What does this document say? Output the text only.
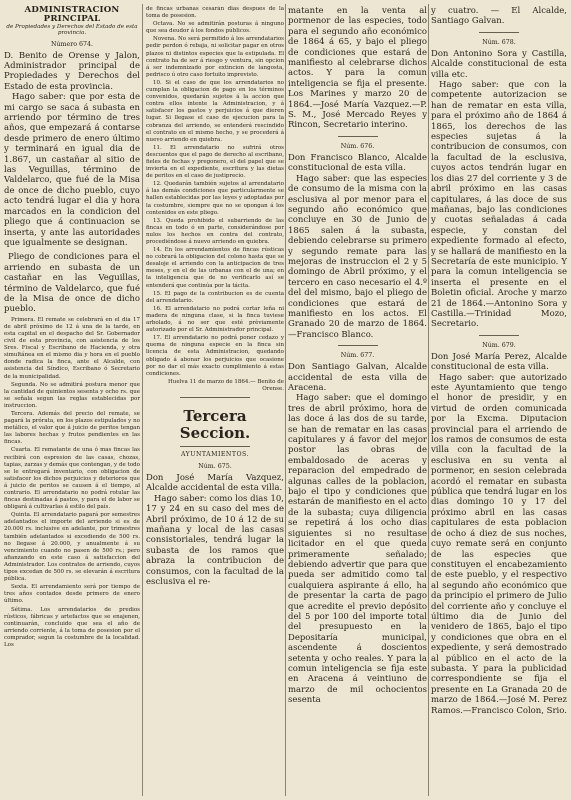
ADMINISTRACION PRINCIPAL
de Propiedades y Derechos del Estado de esta provincia.
Número 674.

D. Benito de Orense y Jalon, Administrador principal de Propiedades y Derechos del Estado de esta provincia.

Hago saber: que por esta de mi cargo se saca á subasta en arriendo por término de tres años, que empezará á contarse desde primero de enero último y terminará en igual dia de 1.867, un castañar al sitio de las Veguillas, término de Valdelarco, que fué de la Misa de once de dicho pueblo, cuyo acto tendrá lugar el dia y hora marcados en la condicion del pliego que á continuacion se inserta, y ante las autoridades que igualmente se designan.

Pliego de condiciones para el arriendo en subasta de un castañar en las Veguillas, término de Valdelarco, que fué de la Misa de once de dicho pueblo.

Primera. El remate se celebrará en el dia 17 de abril próximo de 12 á una de la tarde, en esta capital en el despacho del Sr. Gobernador civil de esta provincia, con asistencia de los Sres. Fiscal y Escribano de Hacienda, y otra simultánea en el mismo dia y hora en el pueblo donde radica la finca, ante el Alcalde, con asistencia del Síndico, Escribano ó Secretario de la municipalidad.

Segunda. No se admitirá postura menor que la cantidad de quinientos sesenta y ocho rs. que se señala segun las reglas establecidas por instruccion.

Tercera. Además del precio del remate, se pagará la prórata, en los plazos estipulados y no metálico, el valor que á juicio de peritos tengan las labores hechas y frutos pendientes en las fincas.

Cuarta. El rematante de una ó mas fincas las recibirá con espresion de las casas, chozas, tapias, zarzas y demás que contengan, y de todo se le entregará inventario, con obligacion de satisfacer los dichos perjuicios y deterioros que á juicio de peritos se causen á el tiempo, al contrario. El arrendatario no podrá rotular las fincas destinadas á pastos, y para el de labor se obligará á cultivarlas á estilo del país.

Quinta. El arrendatario pagará por semestres adelantados el importe del arriendo si es de 20.000 rs. inclusive en adelante, por trimestres también adelantados si excediendo de 500 rs. no llegase á 20.000, y anualmente á su vencimiento cuando no pasen de 500 rs.; pero afianzando en este caso á satisfaccion del Administrador. Los contratos de arriendo, cuyos tipos excedan de 500 rs. se elevarán á escritura pública.

Sexta. El arrendamiento será por tiempo de tres años contados desde primero de enero último.

Sétima. Los arrendatarios de predios rústicos, fábricas y artefactos que se enajenen, continuarán, concluido que sea el año de arriendo corriente, á la toma de posesion por el comprador, segun la costumbre de la localidad. Los

de fincas urbanas cesarán dias despues de la toma de posesion.

Octava. No se admitirán posturas á ninguno que sea deudor á los fondos públicos.

Novena. No será permitido á los arrendatarios pedir perdon ó rebaja, ni solicitar pagar en otros plazos ni distintos especies que la estipulada. El contrato ha de ser á riesgo y ventura, sin opcion á ser indemnizado por extincion de langosta, pedrisco ú otro caso fortuito imprevisto.

10. Si el caso de que los arrendatarios no cumplan la obligacion de pago en los términos convenidos, quedarán sujetos á la accion que contra ellos intente la Administracion, y á satisfacer los gastos y perjuicios á que dieren lugar. Si llegase el caso de ejecucion para la cobranza del arriendo, se entenderá rescindido el contrato en el mismo hecho, y se procederá á nuevo arriendo en quiebra.

11. El arrendatario no sufrirá otros descuentos que el pago de derecho al escribano, fieles de fechas y pregonero, el del papel que se invierta en el expediente, escritura y las dietas de peritos en el caso de justiprecio.

12. Quedarán también sujetos al arrendatario á las demás condiciones que particularmente se hallen establecidas por las leyes y adoptadas por la costumbre, siempre que no se opongan á los contenidos en este pliego.

13. Queda prohibido el subarriendo de las fincas en todo ó en parte, considerándose por nulos los hechos en contra del contrato, procediéndose á nuevo arriendo en quiebra.

14. En los arrendamientos de fincas rústicas no cobrará la obligacion del colono hasta que se desaloje el arriendo con la anticipacion de tres meses, y en el de las urbanas con el de una; en la inteligencia que de no verificarlo así se entenderá que continúa por la tácita.

15. El pago de la contribucion es de cuenta del arrendatario.

16. El arrendatario no podrá cortar leña ni madera de ninguna clase, si la finca tuviese arbolado, á no ser que esté prèviamente autorizado por el Sr. Administrador principal.

17. El arrendatario no podrá poner cedazo y quema de ninguna especie en la finca sin licencia de esta Administracion, quedando obligado á abonar los perjuicios que ocasione por no dar el más exacto cumplimiento á estas condiciones.

Huelva 11 de marzo de 1864.— Benito de Orense.

Tercera Seccion.
AYUNTAMIENTOS.
Núm. 675.

Don José María Vazquez, Alcalde accidental de esta villa.

Hago saber: como los dias 10, 17 y 24 en su caso del mes de Abril próximo, de 10 á 12 de su mañana y local de las casas consistoriales, tendrá lugar la subasta de los ramos que abraza la contribucion de consumos, con la facultad de la esclusiva el re-

matante en la venta al pormenor de las especies, todo para el segundo año económico de 1864 á 65, y bajo el pliego de condiciones que estará de manifiesto al celebrarse dichos actos. Y para la comun inteligencia se fija el presente. Los Marines y marzo 20 de 1864.—José María Vazquez.—P. S. M., José Mercado Reyes y Rincon, Secretario interino.

Núm. 676.

Don Francisco Blanco, Alcalde constitucional de esta villa.

Hago saber: que las especies de consumo de la misma con la esclusiva al por menor para el segundo año económico que concluye en 30 de Junio de 1865 salen á la subasta, debiendo celebrarse su primero y segundo remate para las mejoras de instruccion el 2 y 5 domingo de Abril próximo, y el tercero en caso necesario el 4.º del del mismo, bajo el pliego de condiciones que estará de manifiesto en los actos. El Granado 20 de marzo de 1864.—Francisco Blanco.

Núm. 677.

Don Santiago Galvan, Alcalde accidental de esta villa de Aracena.

Hago saber: que el domingo tres de abril próximo, hora de las doce á las dos de su tarde, se han de rematar en las casas capitulares y á favor del mejor postor las obras de embaldosado de aceras y reparacion del empedrado de algunas calles de la poblacion, bajo el tipo y condiciones que estarán de manifiesto en el acto de la subasta; cuya diligencia se repetirá á los ocho dias siguientes si no resultase licitador en el que queda primeramente señalado; debiendo advertir que para que pueda ser admitido como tal cualquiera aspirante á ello, ha de presentar la carta de pago que acredite el previo depósito del 5 por 100 del importe total del presupuesto en la Depositaría municipal, ascendente á doscientos setenta y ocho reales. Y para la comun inteligencia se fija este en Aracena á veintiuno de marzo de mil ochocientos sesenta

y cuatro. — El Alcalde, Santiago Galvan.

Núm. 678.

Don Antonino Sora y Castilla, Alcalde constitucional de esta villa etc.

Hago saber: que con la competente autorizacion se han de rematar en esta villa, para el próximo año de 1864 á 1865, los derechos de las especies sujetas á la contribucion de consumos, con la facultad de la esclusiva, cuyos actos tendrán lugar en los dias 27 del corriente y 3 de abril próximo en las casas capitulares, á las doce de sus mañanas, bajo las condiciones y cuotas señaladas á cada especie, y constan del expediente formado al efecto, y se hallará de manifiesto en la Secretaría de este municipio. Y para la comun inteligencia se inserta el presente en el Boletin oficial. Aroche y marzo 21 de 1864.—Antonino Sora y Castilla.—Trinidad Mozo, Secretario.

Núm. 679.

Don José María Perez, Alcalde constitucional de esta villa.

Hago saber: que autorizado este Ayuntamiento que tengo el honor de presidir, y en virtud de orden comunicada por la Excma. Diputacion provincial para el arriendo de los ramos de consumos de esta villa con la facultad de la esclusiva en su venta al pormenor, en sesion celebrada acordó el rematar en subasta pública que tendrá lugar en los dias domingo 10 y 17 del próximo abril en las casas capitulares de esta poblacion de ocho á diez de sus noches, cuyo remate será en conjunto de las especies que constituyen el encabezamiento de este pueblo, y el respectivo al segundo año económico que da principio el primero de Julio del corriente año y concluye el último dia de Junio del venidero de 1865, bajo el tipo y condiciones que obra en el expediente, y será demostrado al público en el acto de la subasta. Y para la publicidad correspondiente se fija el presente en La Granada 20 de marzo de 1864.—José M. Perez Ramos.—Francisco Colon, Srio.
